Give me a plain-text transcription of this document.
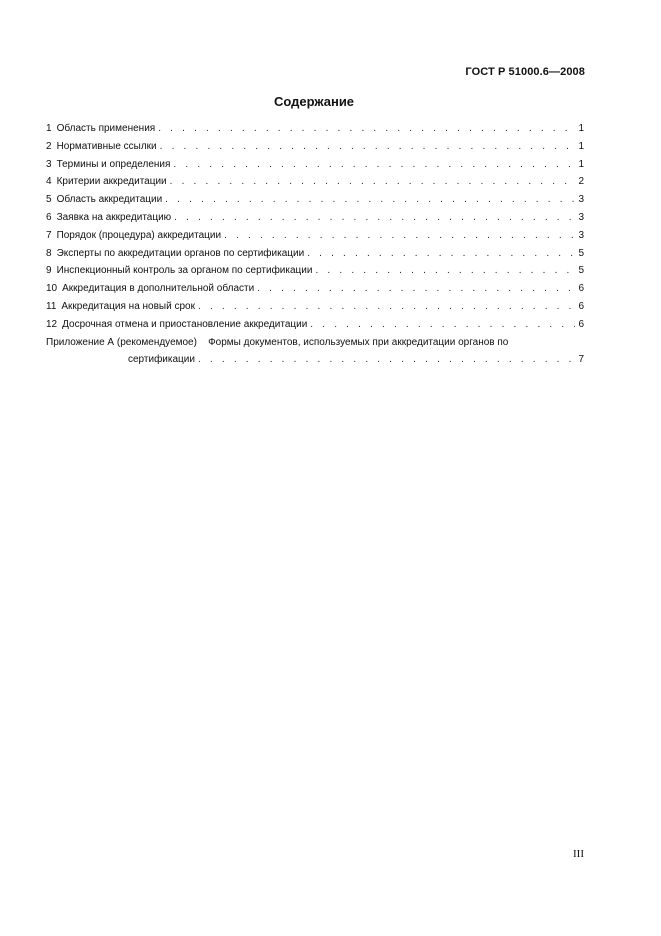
ГОСТ Р 51000.6—2008
Содержание
1 Область применения . . .	1
2 Нормативные ссылки . . .	1
3 Термины и определения . . .	1
4 Критерии аккредитации . . .	2
5 Область аккредитации . . .	3
6 Заявка на аккредитацию . . .	3
7 Порядок (процедура) аккредитации . . .	3
8 Эксперты по аккредитации органов по сертификации . . .	5
9 Инспекционный контроль за органом по сертификации . . .	5
10 Аккредитация в дополнительной области . . .	6
11 Аккредитация на новый срок . . .	6
12 Досрочная отмена и приостановление аккредитации . . .	6
Приложение А (рекомендуемое) Формы документов, используемых при аккредитации органов по
сертификации . . .	7
III
